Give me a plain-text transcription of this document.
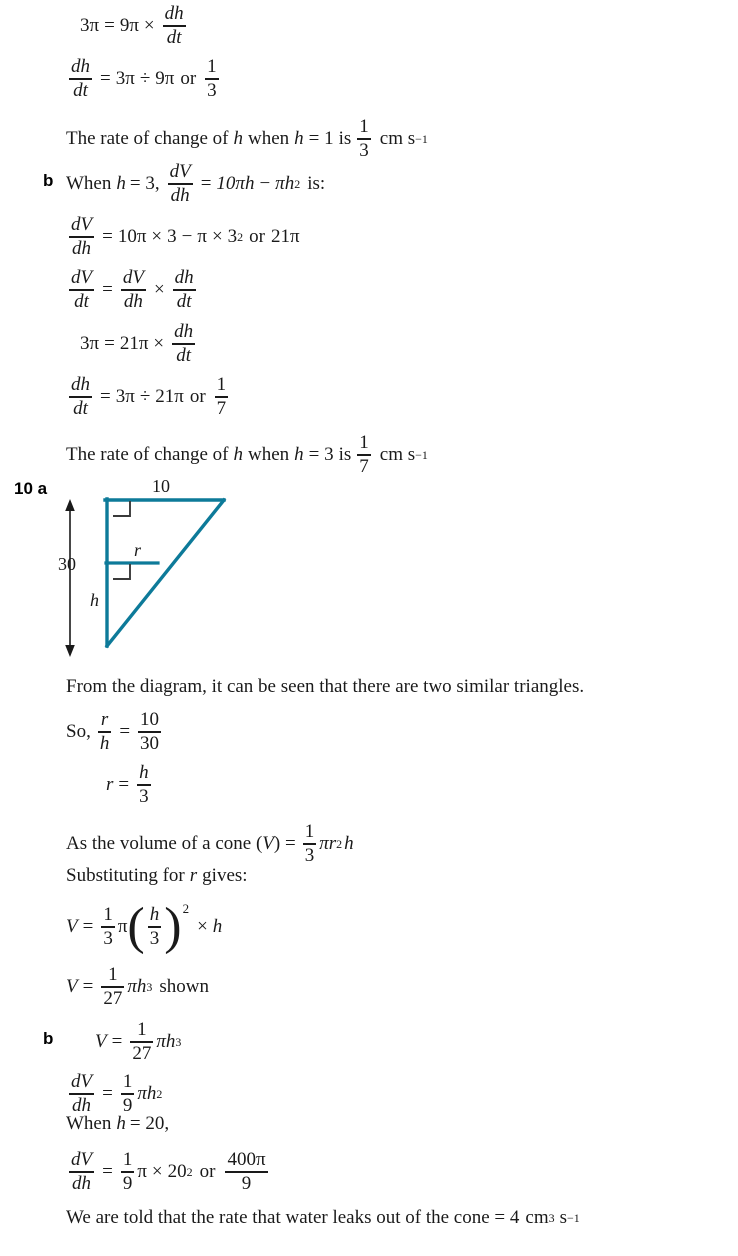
3 π = 9 $\pi \times \frac{dh}{dt}$
$\frac{dh}{dt} = 3\pi \div 9\pi$ or $\frac{1}{3}$
The rate of change of h when h = 1 is $\frac{1}{3}$ cm s −1
b When h = 3, $\frac{dV}{dh} = 10\pi h - \pi h$ 2 is:
$\frac{dV}{dh} = 10\pi \times 3 - \pi \times 3$ 2 or 21π
$\frac{dV}{dt} = \frac{dV}{dh} \times \frac{dh}{dt}$
$3\pi = 21\pi \times \frac{dh}{dt}$
$\frac{dh}{dt} = 3\pi \div 21\pi$ or $\frac{1}{7}$
The rate of change of h when h = 3 is $\frac{1}{7}$ cm s −1
10 a	10
30
r
h
From the diagram, it can be seen that there are two similar triangles.
So, $\frac{r}{h} = \frac{10}{30}$
$r = \frac{h}{3}$
As the volume of a cone ( V ) = $\frac{1}{3}$ πr 2 h
Substituting for r gives:
$V = \frac{1}{3}$ π ( $\frac{h}{3}$ ) 2
× h
$V = \frac{1}{27}$ πh 3 shown
b $V = \frac{1}{27}$ πh 3
$\frac{dV}{dh} = \frac{1}{9}$ πh 2
When h = 20,
$\frac{dV}{dh} = \frac{1}{9}$ π × 20 2 or $\frac{400\pi}{9}$
We are told that the rate that water leaks out of the cone = 4 cm 3 s −1
